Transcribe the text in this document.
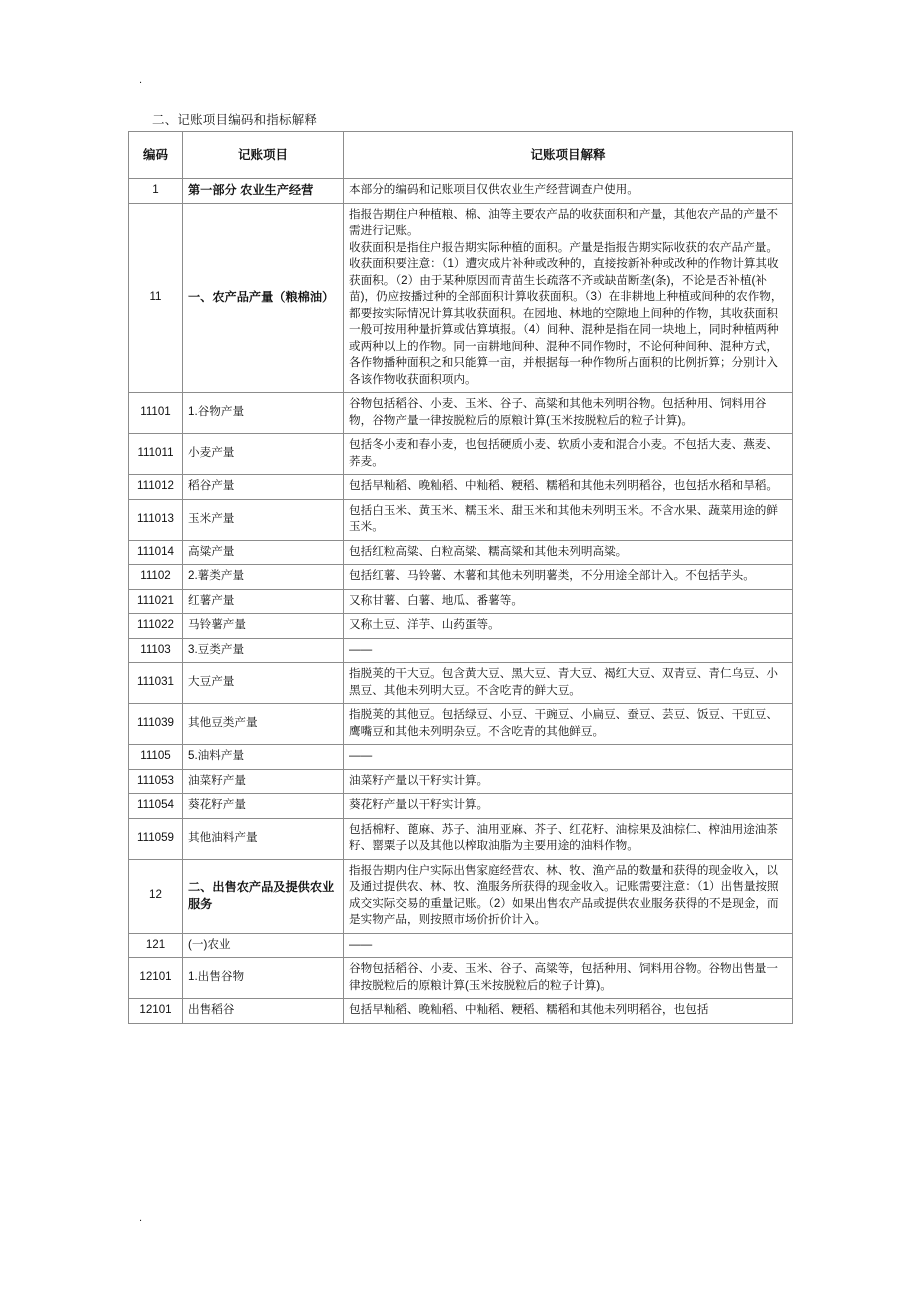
.
二、记账项目编码和指标解释
编码	记账项目	记账项目解释
1	第一部分 农业生产经营	本部分的编码和记账项目仅供农业生产经营调查户使用。
11	一、农产品产量（粮棉油）	指报告期住户种植粮、棉、油等主要农产品的收获面积和产量，其他农产品的产量不需进行记账。
收获面积是指住户报告期实际种植的面积。产量是指报告期实际收获的农产品产量。
收获面积要注意：（1）遭灾成片补种或改种的，直接按新补种或改种的作物计算其收获面积。（2）由于某种原因而青苗生长疏落不齐或缺苗断垄(条)，不论是否补植(补苗)，仍应按播过种的全部面积计算收获面积。（3）在非耕地上种植或间种的农作物，都要按实际情况计算其收获面积。在园地、林地的空隙地上间种的作物，其收获面积一般可按用种量折算或估算填报。（4）间种、混种是指在同一块地上，同时种植两种或两种以上的作物。同一亩耕地间种、混种不同作物时，不论何种间种、混种方式，各作物播种面积之和只能算一亩，并根据每一种作物所占面积的比例折算；分别计入各该作物收获面积项内。
11101	1.谷物产量	谷物包括稻谷、小麦、玉米、谷子、高粱和其他未列明谷物。包括种用、饲料用谷物，谷物产量一律按脱粒后的原粮计算(玉米按脱粒后的粒子计算)。
111011	小麦产量	包括冬小麦和春小麦，也包括硬质小麦、软质小麦和混合小麦。不包括大麦、燕麦、荞麦。
111012	稻谷产量	包括早籼稻、晚籼稻、中籼稻、粳稻、糯稻和其他未列明稻谷，也包括水稻和旱稻。
111013	玉米产量	包括白玉米、黄玉米、糯玉米、甜玉米和其他未列明玉米。不含水果、蔬菜用途的鲜玉米。
111014	高粱产量	包括红粒高粱、白粒高粱、糯高粱和其他未列明高粱。
11102	2.薯类产量	包括红薯、马铃薯、木薯和其他未列明薯类，不分用途全部计入。不包括芋头。
111021	红薯产量	又称甘薯、白薯、地瓜、番薯等。
111022	马铃薯产量	又称土豆、洋芋、山药蛋等。
11103	3.豆类产量	——
111031	大豆产量	指脱荚的干大豆。包含黄大豆、黑大豆、青大豆、褐红大豆、双青豆、青仁乌豆、小黑豆、其他未列明大豆。不含吃青的鲜大豆。
111039	其他豆类产量	指脱荚的其他豆。包括绿豆、小豆、干豌豆、小扁豆、蚕豆、芸豆、饭豆、干豇豆、鹰嘴豆和其他未列明杂豆。不含吃青的其他鲜豆。
11105	5.油料产量	——
111053	油菜籽产量	油菜籽产量以干籽实计算。
111054	葵花籽产量	葵花籽产量以干籽实计算。
111059	其他油料产量	包括棉籽、蓖麻、苏子、油用亚麻、芥子、红花籽、油棕果及油棕仁、榨油用途油茶籽、罂粟子以及其他以榨取油脂为主要用途的油料作物。
12	二、出售农产品及提供农业服务	指报告期内住户实际出售家庭经营农、林、牧、渔产品的数量和获得的现金收入，以及通过提供农、林、牧、渔服务所获得的现金收入。记账需要注意：（1）出售量按照成交实际交易的重量记账。（2）如果出售农产品或提供农业服务获得的不是现金，而是实物产品，则按照市场价折价计入。
121	(一)农业	——
12101	1.出售谷物	谷物包括稻谷、小麦、玉米、谷子、高粱等，包括种用、饲料用谷物。谷物出售量一律按脱粒后的原粮计算(玉米按脱粒后的粒子计算)。
12101	出售稻谷	包括早籼稻、晚籼稻、中籼稻、粳稻、糯稻和其他未列明稻谷，也包括
.
